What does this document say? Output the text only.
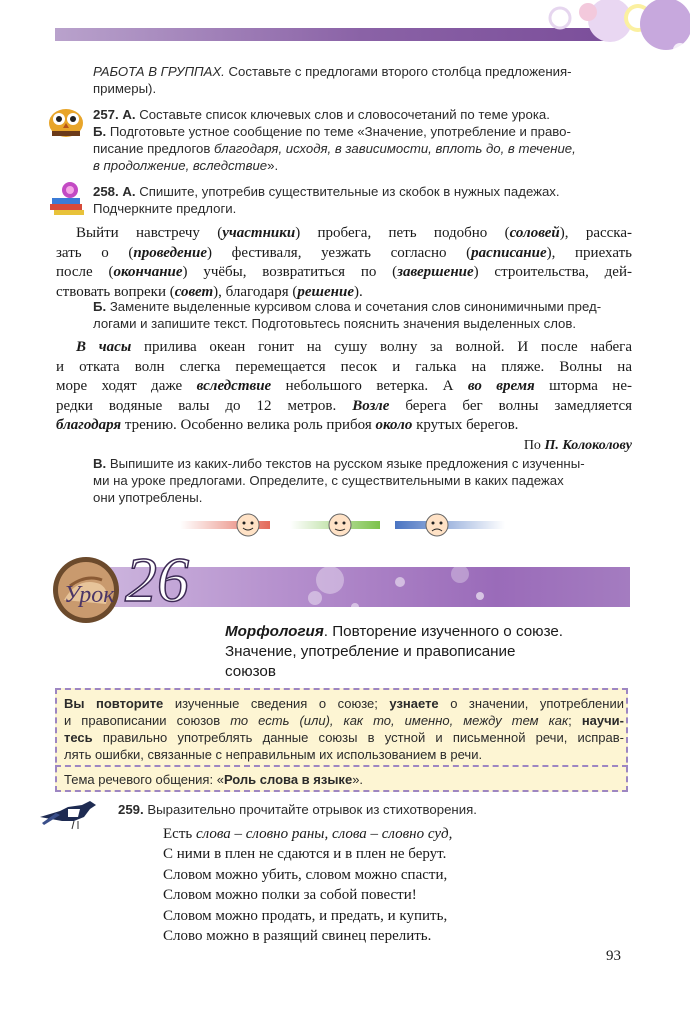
РАБОТА В ГРУППАХ. Составьте с предлогами второго столбца предложения-
примеры).
257. А. Составьте список ключевых слов и словосочетаний по теме урока.
Б. Подготовьте устное сообщение по теме «Значение, употребление и право-
писание предлогов благодаря, исходя, в зависимости, вплоть до, в течение,
в продолжение, вследствие».
258. А. Спишите, употребив существительные из скобок в нужных падежах.
Подчеркните предлоги.
Выйти навстречу (участники) пробега, петь подобно (соловей), расска-
зать о (проведение) фестиваля, уезжать согласно (расписание), приехать
после (окончание) учёбы, возвратиться по (завершение) строительства, дей-
ствовать вопреки (совет), благодаря (решение).
Б. Замените выделенные курсивом слова и сочетания слов синонимичными пред-
логами и запишите текст. Подготовьтесь пояснить значения выделенных слов.
В часы прилива океан гонит на сушу волну за волной. И после набега
и отката волн слегка перемещается песок и галька на пляже. Волны на
море ходят даже вследствие небольшого ветерка. А во время шторма не-
редки водяные валы до 12 метров. Возле берега бег волны замедляется
благодаря трению. Особенно велика роль прибоя около крутых берегов.
По П. Колоколову
В. Выпишите из каких-либо текстов на русском языке предложения с изученны-
ми на уроке предлогами. Определите, с существительными в каких падежах
они употреблены.
Урок 26
Морфология. Повторение изученного о союзе.
Значение, употребление и правописание
союзов
Вы повторите изученные сведения о союзе; узнаете о значении, употреблении
и правописании союзов то есть (или), как то, именно, между тем как; научи-
тесь правильно употреблять данные союзы в устной и письменной речи, исправ-
лять ошибки, связанные с неправильным их использованием в речи.
Тема речевого общения: «Роль слова в языке».
259. Выразительно прочитайте отрывок из стихотворения.
Есть слова – словно раны, слова – словно суд,
С ними в плен не сдаются и в плен не берут.
Словом можно убить, словом можно спасти,
Словом можно полки за собой повести!
Словом можно продать, и предать, и купить,
Слово можно в разящий свинец перелить.
93
